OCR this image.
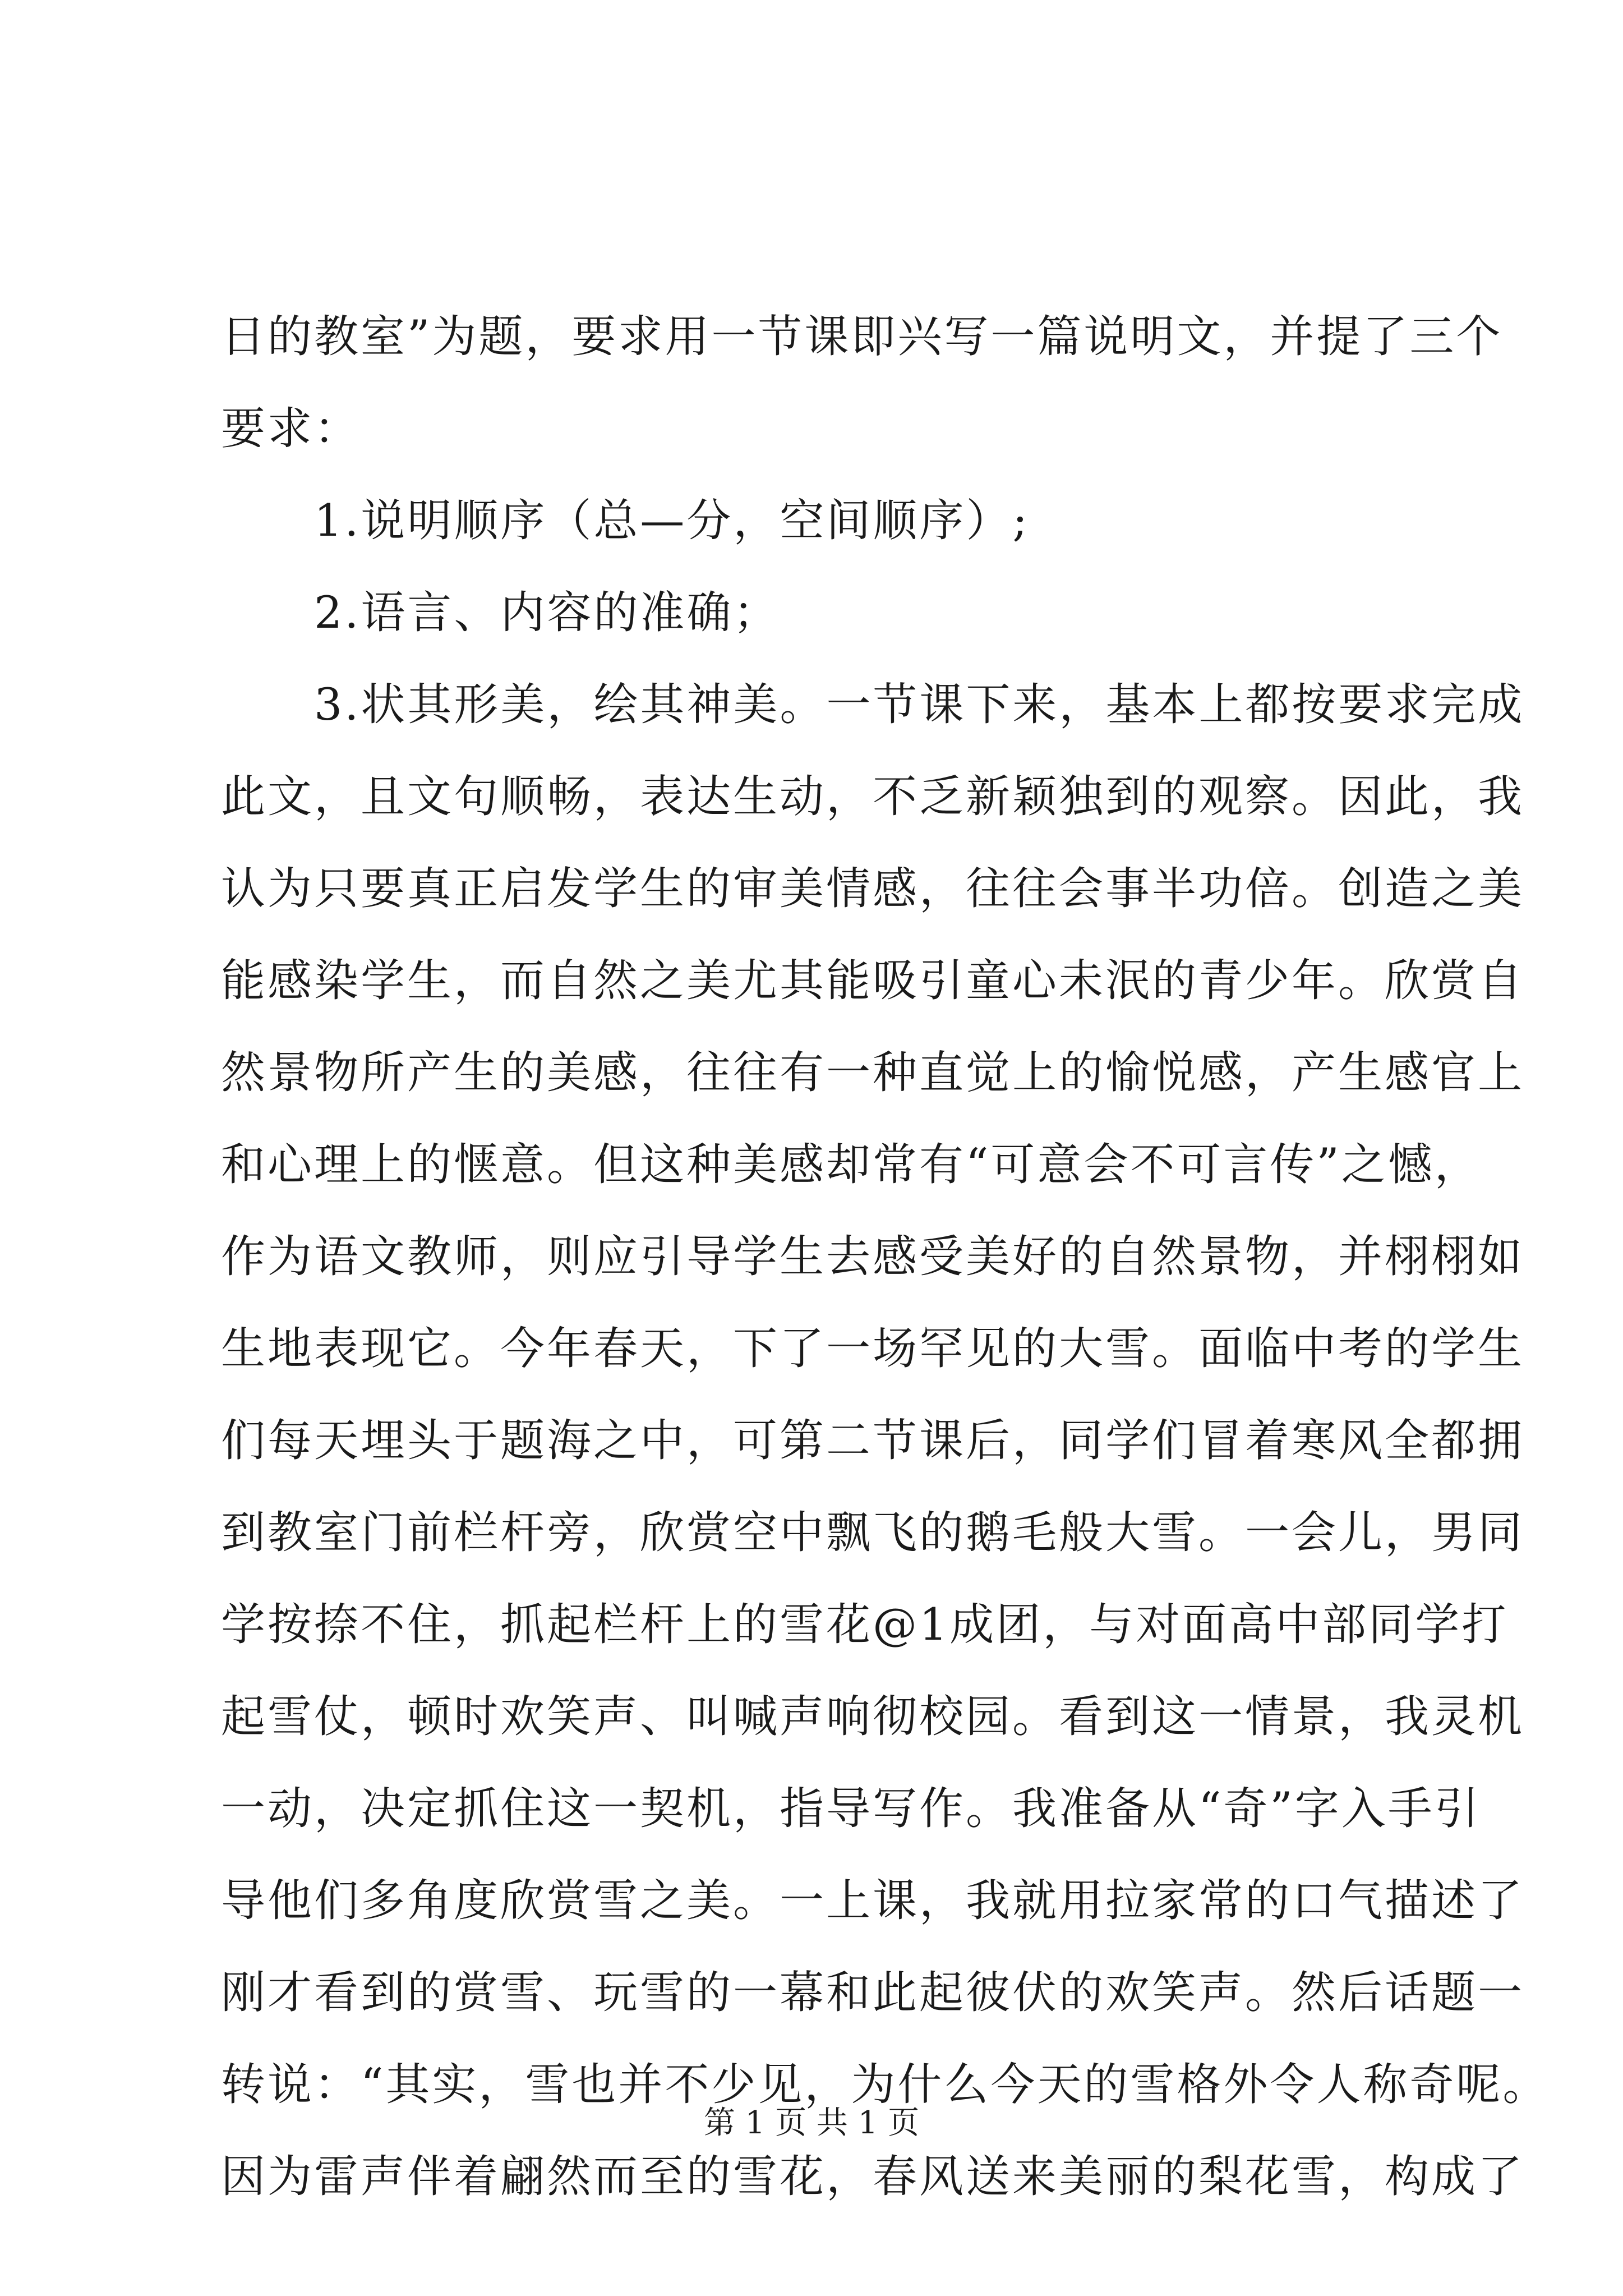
日的教室”为题，要求用一节课即兴写一篇说明文，并提了三个
要求：
　　1.说明顺序（总—分，空间顺序）;
　　2.语言、内容的准确；
　　3.状其形美，绘其神美。一节课下来，基本上都按要求完成
此文，且文句顺畅，表达生动，不乏新颖独到的观察。因此，我
认为只要真正启发学生的审美情感，往往会事半功倍。创造之美
能感染学生，而自然之美尤其能吸引童心未泯的青少年。欣赏自
然景物所产生的美感，往往有一种直觉上的愉悦感，产生感官上
和心理上的惬意。但这种美感却常有“可意会不可言传”之憾，
作为语文教师，则应引导学生去感受美好的自然景物，并栩栩如
生地表现它。今年春天，下了一场罕见的大雪。面临中考的学生
们每天埋头于题海之中，可第二节课后，同学们冒着寒风全都拥
到教室门前栏杆旁，欣赏空中飘飞的鹅毛般大雪。一会儿，男同
学按捺不住，抓起栏杆上的雪花@1成团，与对面高中部同学打
起雪仗，顿时欢笑声、叫喊声响彻校园。看到这一情景，我灵机
一动，决定抓住这一契机，指导写作。我准备从“奇”字入手引
导他们多角度欣赏雪之美。一上课，我就用拉家常的口气描述了
刚才看到的赏雪、玩雪的一幕和此起彼伏的欢笑声。然后话题一
转说：“其实，雪也并不少见，为什么今天的雪格外令人称奇呢。
因为雷声伴着翩然而至的雪花，春风送来美丽的梨花雪，构成了
第 1 页 共 1 页
